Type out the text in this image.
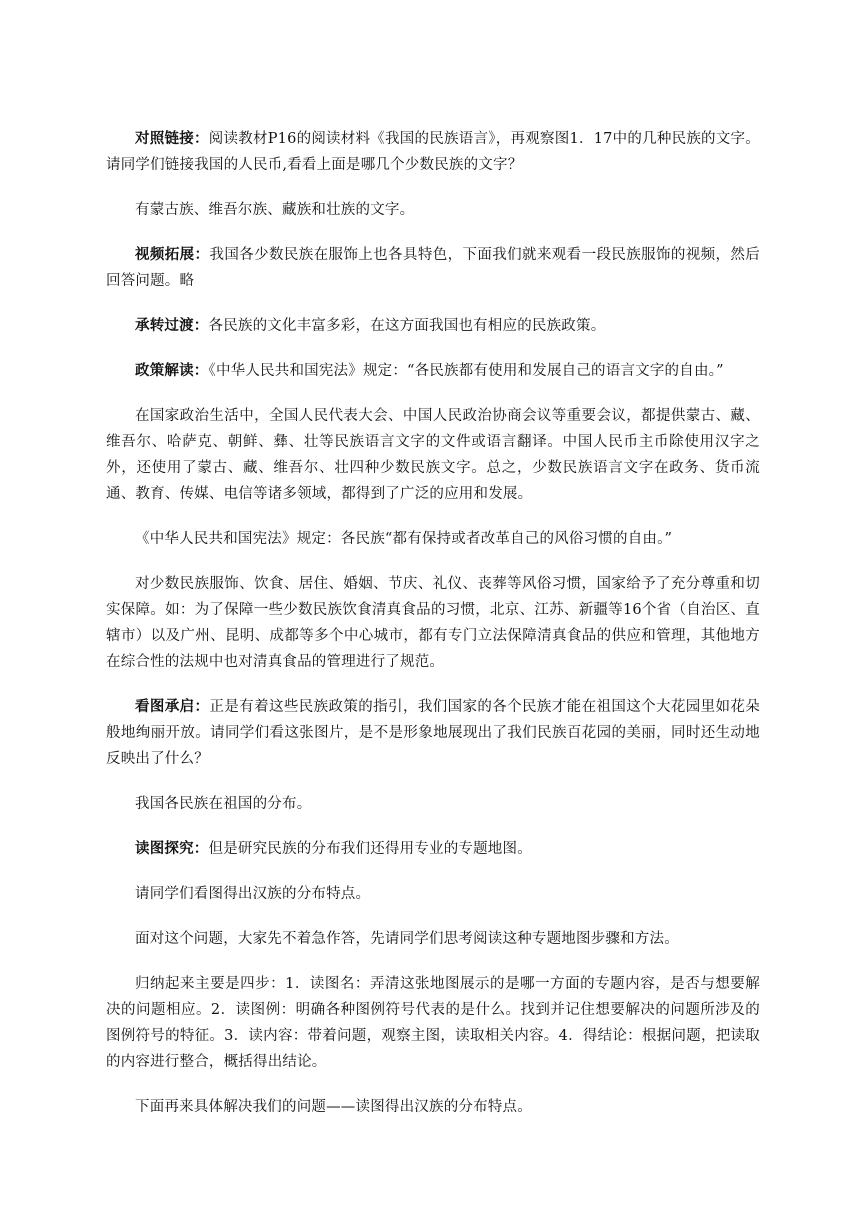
对照链接：阅读教材P16的阅读材料《我国的民族语言》，再观察图1．17中的几种民族的文字。请同学们链接我国的人民币,看看上面是哪几个少数民族的文字？

有蒙古族、维吾尔族、藏族和壮族的文字。

视频拓展：我国各少数民族在服饰上也各具特色，下面我们就来观看一段民族服饰的视频，然后回答问题。略

承转过渡：各民族的文化丰富多彩，在这方面我国也有相应的民族政策。

政策解读：《中华人民共和国宪法》规定：“各民族都有使用和发展自己的语言文字的自由。”

在国家政治生活中，全国人民代表大会、中国人民政治协商会议等重要会议，都提供蒙古、藏、维吾尔、哈萨克、朝鲜、彝、壮等民族语言文字的文件或语言翻译。中国人民币主币除使用汉字之外，还使用了蒙古、藏、维吾尔、壮四种少数民族文字。总之，少数民族语言文字在政务、货币流通、教育、传媒、电信等诸多领域，都得到了广泛的应用和发展。

《中华人民共和国宪法》规定：各民族“都有保持或者改革自己的风俗习惯的自由。”

对少数民族服饰、饮食、居住、婚姻、节庆、礼仪、丧葬等风俗习惯，国家给予了充分尊重和切实保障。如：为了保障一些少数民族饮食清真食品的习惯，北京、江苏、新疆等16个省（自治区、直辖市）以及广州、昆明、成都等多个中心城市，都有专门立法保障清真食品的供应和管理，其他地方在综合性的法规中也对清真食品的管理进行了规范。

看图承启：正是有着这些民族政策的指引，我们国家的各个民族才能在祖国这个大花园里如花朵般地绚丽开放。请同学们看这张图片，是不是形象地展现出了我们民族百花园的美丽，同时还生动地反映出了什么？

我国各民族在祖国的分布。

读图探究：但是研究民族的分布我们还得用专业的专题地图。

请同学们看图得出汉族的分布特点。

面对这个问题，大家先不着急作答，先请同学们思考阅读这种专题地图步骤和方法。

归纳起来主要是四步：1．读图名：弄清这张地图展示的是哪一方面的专题内容，是否与想要解决的问题相应。2．读图例：明确各种图例符号代表的是什么。找到并记住想要解决的问题所涉及的图例符号的特征。3．读内容：带着问题，观察主图，读取相关内容。4．得结论：根据问题，把读取的内容进行整合，概括得出结论。

下面再来具体解决我们的问题——读图得出汉族的分布特点。
